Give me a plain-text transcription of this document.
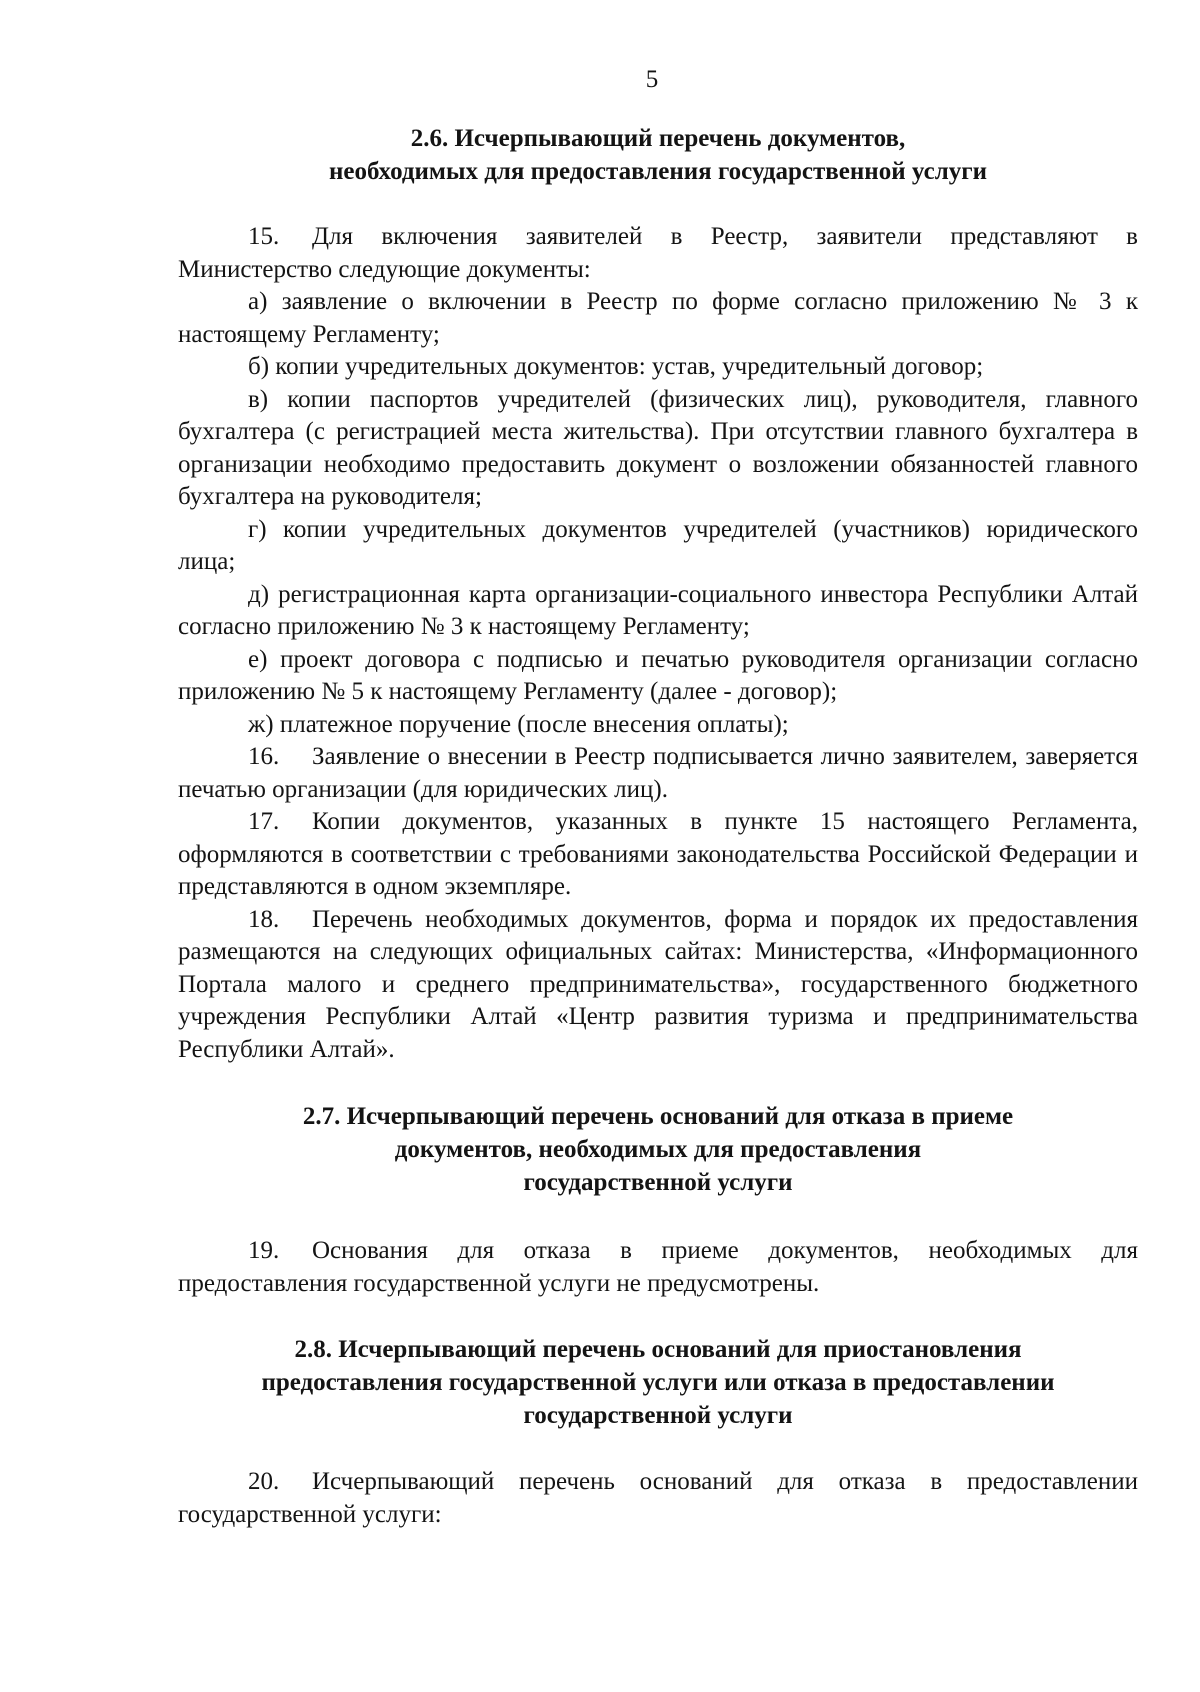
5
2.6. Исчерпывающий перечень документов,
необходимых для предоставления государственной услуги

15. Для включения заявителей в Реестр, заявители представляют в Министерство следующие документы:

а) заявление о включении в Реестр по форме согласно приложению № 3 к настоящему Регламенту;

б) копии учредительных документов: устав, учредительный договор;

в) копии паспортов учредителей (физических лиц), руководителя, главного бухгалтера (с регистрацией места жительства). При отсутствии главного бухгалтера в организации необходимо предоставить документ о возложении обязанностей главного бухгалтера на руководителя;

г) копии учредительных документов учредителей (участников) юридического лица;

д) регистрационная карта организации-социального инвестора Республики Алтай согласно приложению № 3 к настоящему Регламенту;

е) проект договора с подписью и печатью руководителя организации согласно приложению № 5 к настоящему Регламенту (далее - договор);

ж) платежное поручение (после внесения оплаты);

16. Заявление о внесении в Реестр подписывается лично заявителем, заверяется печатью организации (для юридических лиц).

17. Копии документов, указанных в пункте 15 настоящего Регламента, оформляются в соответствии с требованиями законодательства Российской Федерации и представляются в одном экземпляре.

18. Перечень необходимых документов, форма и порядок их предоставления размещаются на следующих официальных сайтах: Министерства, «Информационного Портала малого и среднего предпринимательства», государственного бюджетного учреждения Республики Алтай «Центр развития туризма и предпринимательства Республики Алтай».

2.7. Исчерпывающий перечень оснований для отказа в приеме
документов, необходимых для предоставления
государственной услуги

19. Основания для отказа в приеме документов, необходимых для предоставления государственной услуги не предусмотрены.

2.8. Исчерпывающий перечень оснований для приостановления
предоставления государственной услуги или отказа в предоставлении
государственной услуги

20. Исчерпывающий перечень оснований для отказа в предоставлении государственной услуги:
